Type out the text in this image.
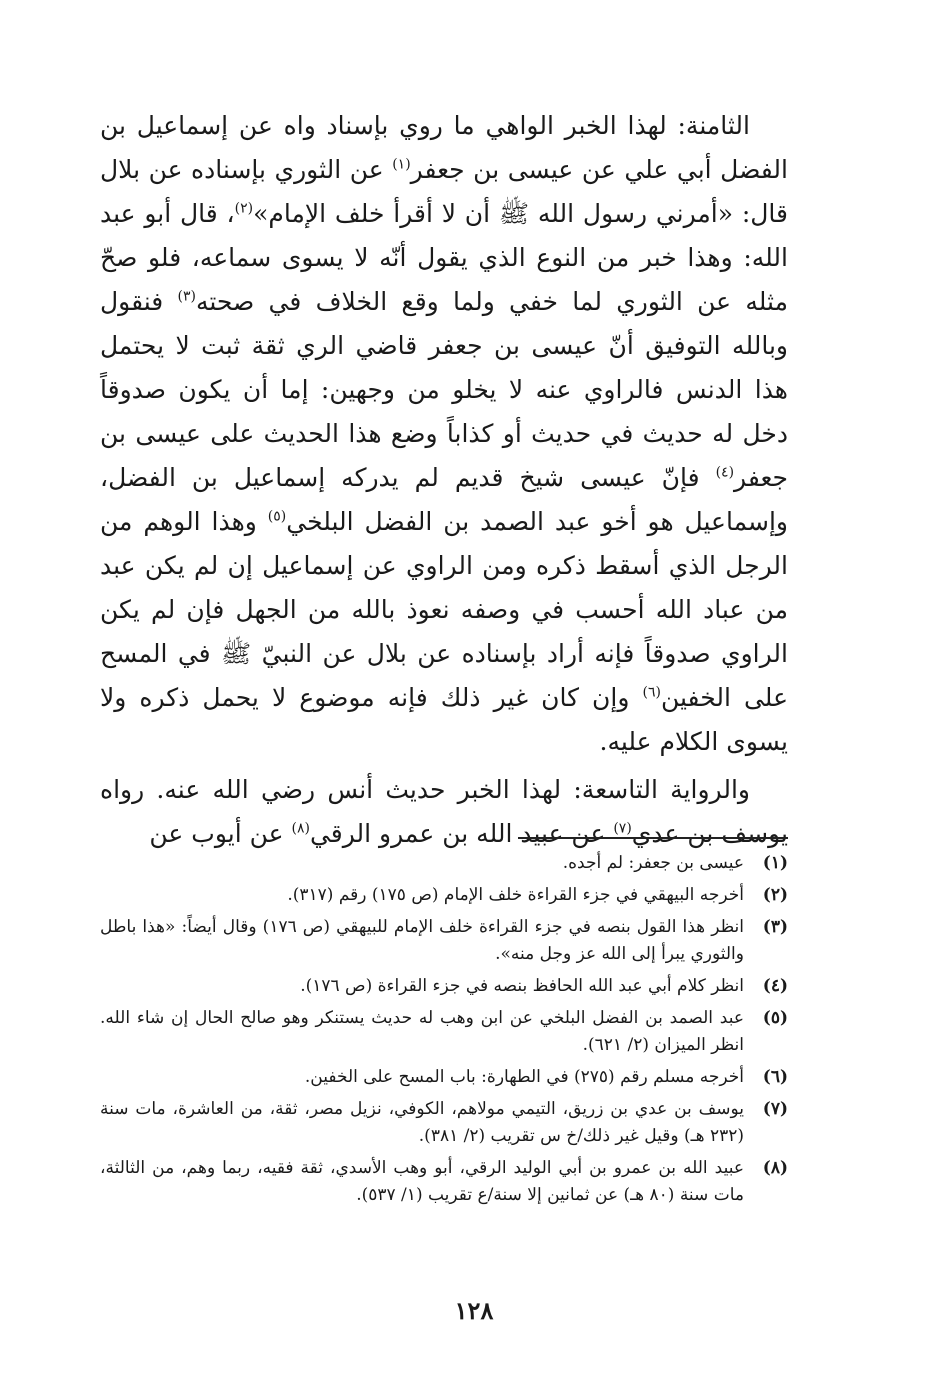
الثامنة: لهذا الخبر الواهي ما روي بإسناد واه عن إسماعيل بن الفضل أبي علي عن عيسى بن جعفر$^{(١)}$ عن الثوري بإسناده عن بلال قال: «أمرني رسول الله ﷺ أن لا أقرأ خلف الإمام»$^{(٢)}$، قال أبو عبد الله: وهذا خبر من النوع الذي يقول أنّه لا يسوى سماعه، فلو صحّ مثله عن الثوري لما خفي ولما وقع الخلاف في صحته$^{(٣)}$ فنقول وبالله التوفيق أنّ عيسى بن جعفر قاضي الري ثقة ثبت لا يحتمل هذا الدنس فالراوي عنه لا يخلو من وجهين: إما أن يكون صدوقاً دخل له حديث في حديث أو كذاباً وضع هذا الحديث على عيسى بن جعفر$^{(٤)}$ فإنّ عيسى شيخ قديم لم يدركه إسماعيل بن الفضل، وإسماعيل هو أخو عبد الصمد بن الفضل البلخي$^{(٥)}$ وهذا الوهم من الرجل الذي أسقط ذكره ومن الراوي عن إسماعيل إن لم يكن عبد من عباد الله أحسب في وصفه نعوذ بالله من الجهل فإن لم يكن الراوي صدوقاً فإنه أراد بإسناده عن بلال عن النبيّ ﷺ في المسح على الخفين$^{(٦)}$ وإن كان غير ذلك فإنه موضوع لا يحمل ذكره ولا يسوى الكلام عليه.

والرواية التاسعة: لهذا الخبر حديث أنس رضي الله عنه. رواه يوسف بن عدي$^{(٧)}$ عن عبيد الله بن عمرو الرقي$^{(٨)}$ عن أيوب عن

(١)
عيسى بن جعفر: لم أجده.
(٢)
أخرجه البيهقي في جزء القراءة خلف الإمام (ص ١٧٥) رقم (٣١٧).
(٣)
انظر هذا القول بنصه في جزء القراءة خلف الإمام للبيهقي (ص ١٧٦) وقال أيضاً: «هذا باطل والثوري يبرأ إلى الله عز وجل منه».
(٤)
انظر كلام أبي عبد الله الحافظ بنصه في جزء القراءة (ص ١٧٦).
(٥)
عبد الصمد بن الفضل البلخي عن ابن وهب له حديث يستنكر وهو صالح الحال إن شاء الله. انظر الميزان (٢/ ٦٢١).
(٦)
أخرجه مسلم رقم (٢٧٥) في الطهارة: باب المسح على الخفين.
(٧)
يوسف بن عدي بن زريق، التيمي مولاهم، الكوفي، نزيل مصر، ثقة، من العاشرة، مات سنة (٢٣٢ هـ) وقيل غير ذلك/خ س تقريب (٢/ ٣٨١).
(٨)
عبيد الله بن عمرو بن أبي الوليد الرقي، أبو وهب الأسدي، ثقة فقيه، ربما وهم، من الثالثة، مات سنة (٨٠ هـ) عن ثمانين إلا سنة/ع تقريب (١/ ٥٣٧).
١٢٨
